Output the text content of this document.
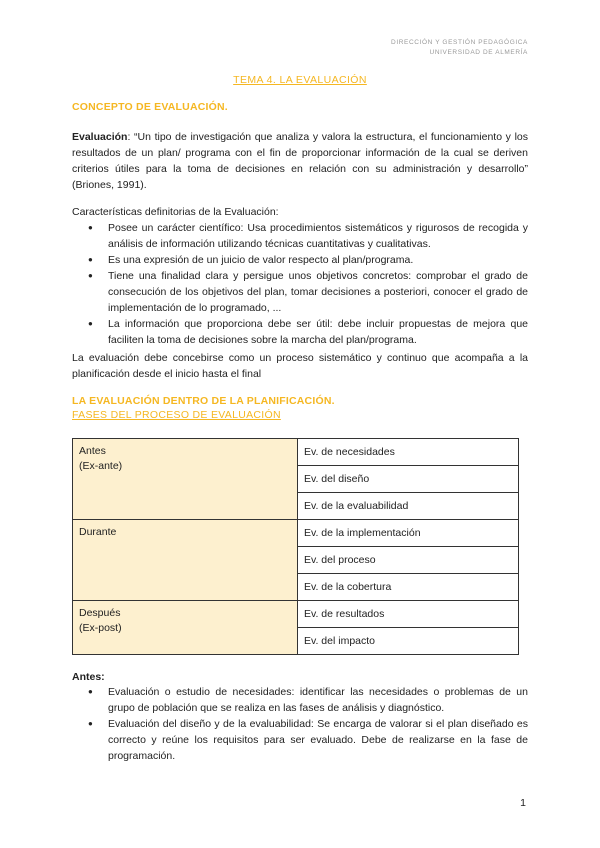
DIRECCIÓN Y GESTIÓN PEDAGÓGICA
UNIVERSIDAD DE ALMERÍA
TEMA 4. LA EVALUACIÓN
CONCEPTO DE EVALUACIÓN.
Evaluación: “Un tipo de investigación que analiza y valora la estructura, el funcionamiento y los resultados de un plan/ programa con el fin de proporcionar información de la cual se deriven criterios útiles para la toma de decisiones en relación con su administración y desarrollo” (Briones, 1991).
Características definitorias de la Evaluación:
● Posee un carácter científico: Usa procedimientos sistemáticos y rigurosos de recogida y análisis de información utilizando técnicas cuantitativas y cualitativas.
● Es una expresión de un juicio de valor respecto al plan/programa.
● Tiene una finalidad clara y persigue unos objetivos concretos: comprobar el grado de consecución de los objetivos del plan, tomar decisiones a posteriori, conocer el grado de implementación de lo programado, ...
● La información que proporciona debe ser útil: debe incluir propuestas de mejora que faciliten la toma de decisiones sobre la marcha del plan/programa.
La evaluación debe concebirse como un proceso sistemático y continuo que acompaña a la planificación desde el inicio hasta el final
LA EVALUACIÓN DENTRO DE LA PLANIFICACIÓN.
FASES DEL PROCESO DE EVALUACIÓN
Antes
(Ex-ante)	Ev. de necesidades
	Ev. del diseño
	Ev. de la evaluabilidad

Durante	Ev. de la implementación
	Ev. del proceso
	Ev. de la cobertura

Después
(Ex-post)	Ev. de resultados
	Ev. del impacto
Antes:
● Evaluación o estudio de necesidades: identificar las necesidades o problemas de un grupo de población que se realiza en las fases de análisis y diagnóstico.
● Evaluación del diseño y de la evaluabilidad: Se encarga de valorar si el plan diseñado es correcto y reúne los requisitos para ser evaluado. Debe de realizarse en la fase de programación.
1
